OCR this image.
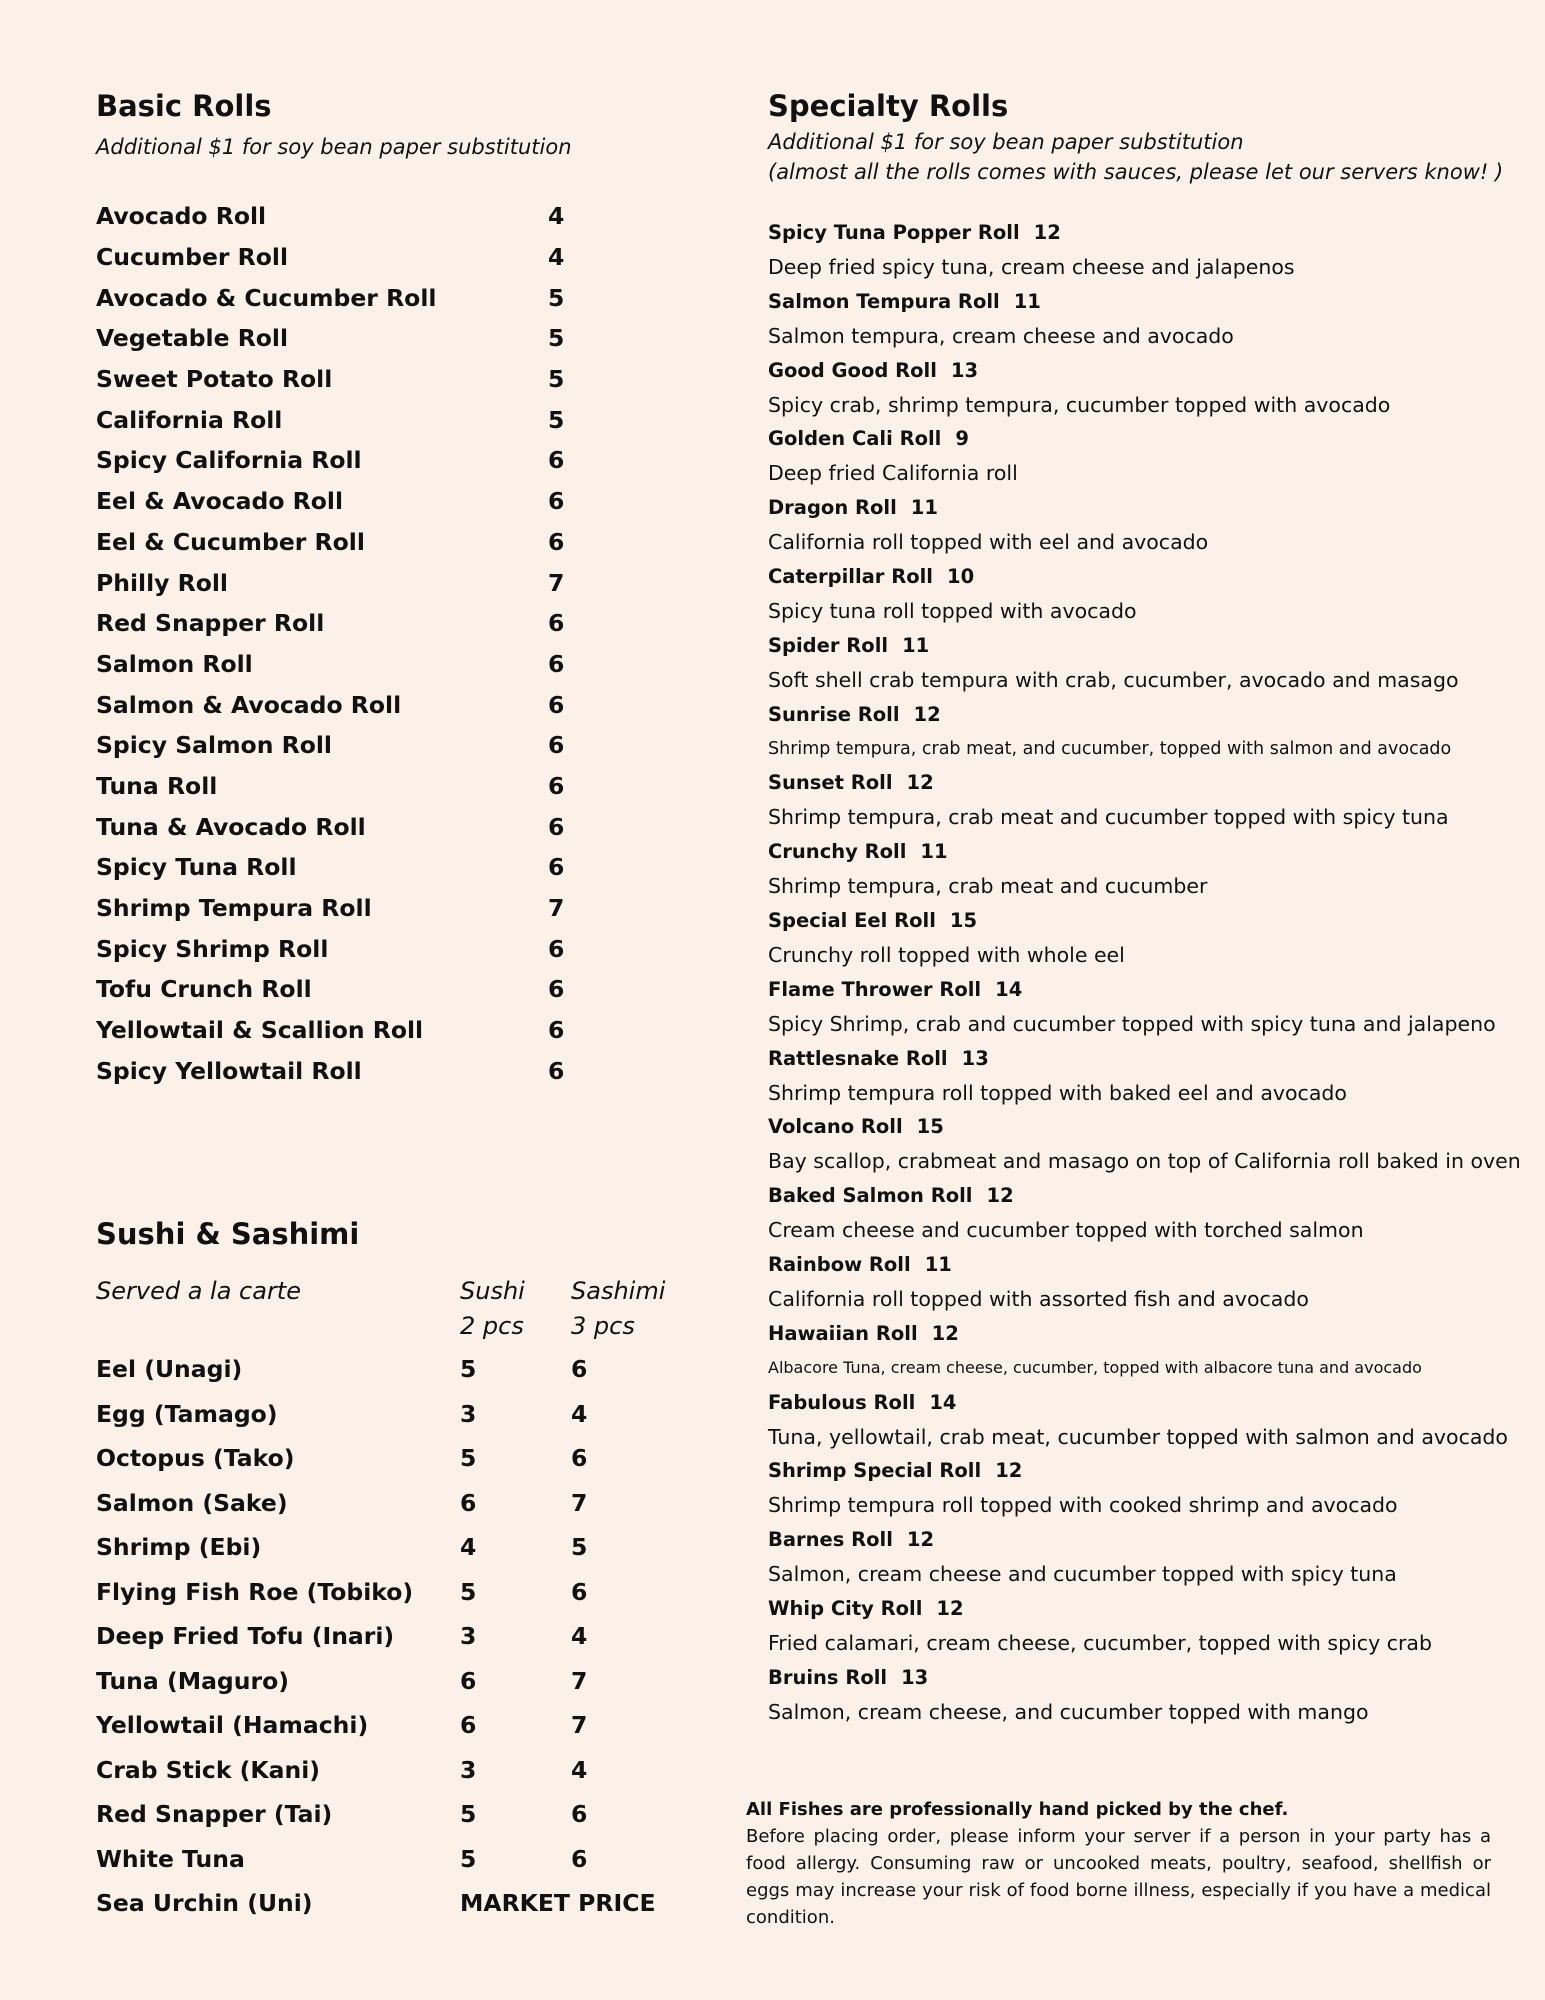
Basic Rolls
Additional $1 for soy bean paper substitution
Avocado Roll	4
Cucumber Roll	4
Avocado & Cucumber Roll	5
Vegetable Roll	5
Sweet Potato Roll	5
California Roll	5
Spicy California Roll	6
Eel & Avocado Roll	6
Eel & Cucumber Roll	6
Philly Roll	7
Red Snapper Roll	6
Salmon Roll	6
Salmon & Avocado Roll	6
Spicy Salmon Roll	6
Tuna Roll	6
Tuna & Avocado Roll	6
Spicy Tuna Roll	6
Shrimp Tempura Roll	7
Spicy Shrimp Roll	6
Tofu Crunch Roll	6
Yellowtail & Scallion Roll	6
Spicy Yellowtail Roll	6
Sushi & Sashimi
Served a la carte	Sushi
2 pcs
Sashimi
3 pcs
Eel (Unagi)	5	6
Egg (Tamago)	3	4
Octopus (Tako)	5	6
Salmon (Sake)	6	7
Shrimp (Ebi)	4	5
Flying Fish Roe (Tobiko) 5	6
Deep Fried Tofu (Inari)	3	4
Tuna (Maguro)	6	7
Yellowtail (Hamachi)	6	7
Crab Stick (Kani)	3	4
Red Snapper (Tai)	5	6
White Tuna	5	6
Sea Urchin (Uni)	MARKET PRICE
Specialty Rolls
Additional $1 for soy bean paper substitution
(almost all the rolls comes with sauces, please let our servers know! )
Spicy Tuna Popper Roll 12
Deep fried spicy tuna, cream cheese and jalapenos
Salmon Tempura Roll 11
Salmon tempura, cream cheese and avocado
Good Good Roll 13
Spicy crab, shrimp tempura, cucumber topped with avocado
Golden Cali Roll 9
Deep fried California roll
Dragon Roll 11
California roll topped with eel and avocado
Caterpillar Roll 10
Spicy tuna roll topped with avocado
Spider Roll 11
Soft shell crab tempura with crab, cucumber, avocado and masago
Sunrise Roll 12
Shrimp tempura, crab meat, and cucumber, topped with salmon and avocado
Sunset Roll 12
Shrimp tempura, crab meat and cucumber topped with spicy tuna
Crunchy Roll 11
Shrimp tempura, crab meat and cucumber
Special Eel Roll 15
Crunchy roll topped with whole eel
Flame Thrower Roll 14
Spicy Shrimp, crab and cucumber topped with spicy tuna and jalapeno
Rattlesnake Roll 13
Shrimp tempura roll topped with baked eel and avocado
Volcano Roll 15
Bay scallop, crabmeat and masago on top of California roll baked in oven
Baked Salmon Roll 12
Cream cheese and cucumber topped with torched salmon
Rainbow Roll 11
California roll topped with assorted fish and avocado
Hawaiian Roll 12
Albacore Tuna, cream cheese, cucumber, topped with albacore tuna and avocado
Fabulous Roll 14
Tuna, yellowtail, crab meat, cucumber topped with salmon and avocado
Shrimp Special Roll 12
Shrimp tempura roll topped with cooked shrimp and avocado
Barnes Roll 12
Salmon, cream cheese and cucumber topped with spicy tuna
Whip City Roll 12
Fried calamari, cream cheese, cucumber, topped with spicy crab
Bruins Roll 13
Salmon, cream cheese, and cucumber topped with mango
All Fishes are professionally hand picked by the chef.
Before placing order, please inform your server if a person in your party has a food allergy. Consuming raw or uncooked meats, poultry, seafood, shellfish or eggs may increase your risk of food borne illness, especially if you have a medical condition.
